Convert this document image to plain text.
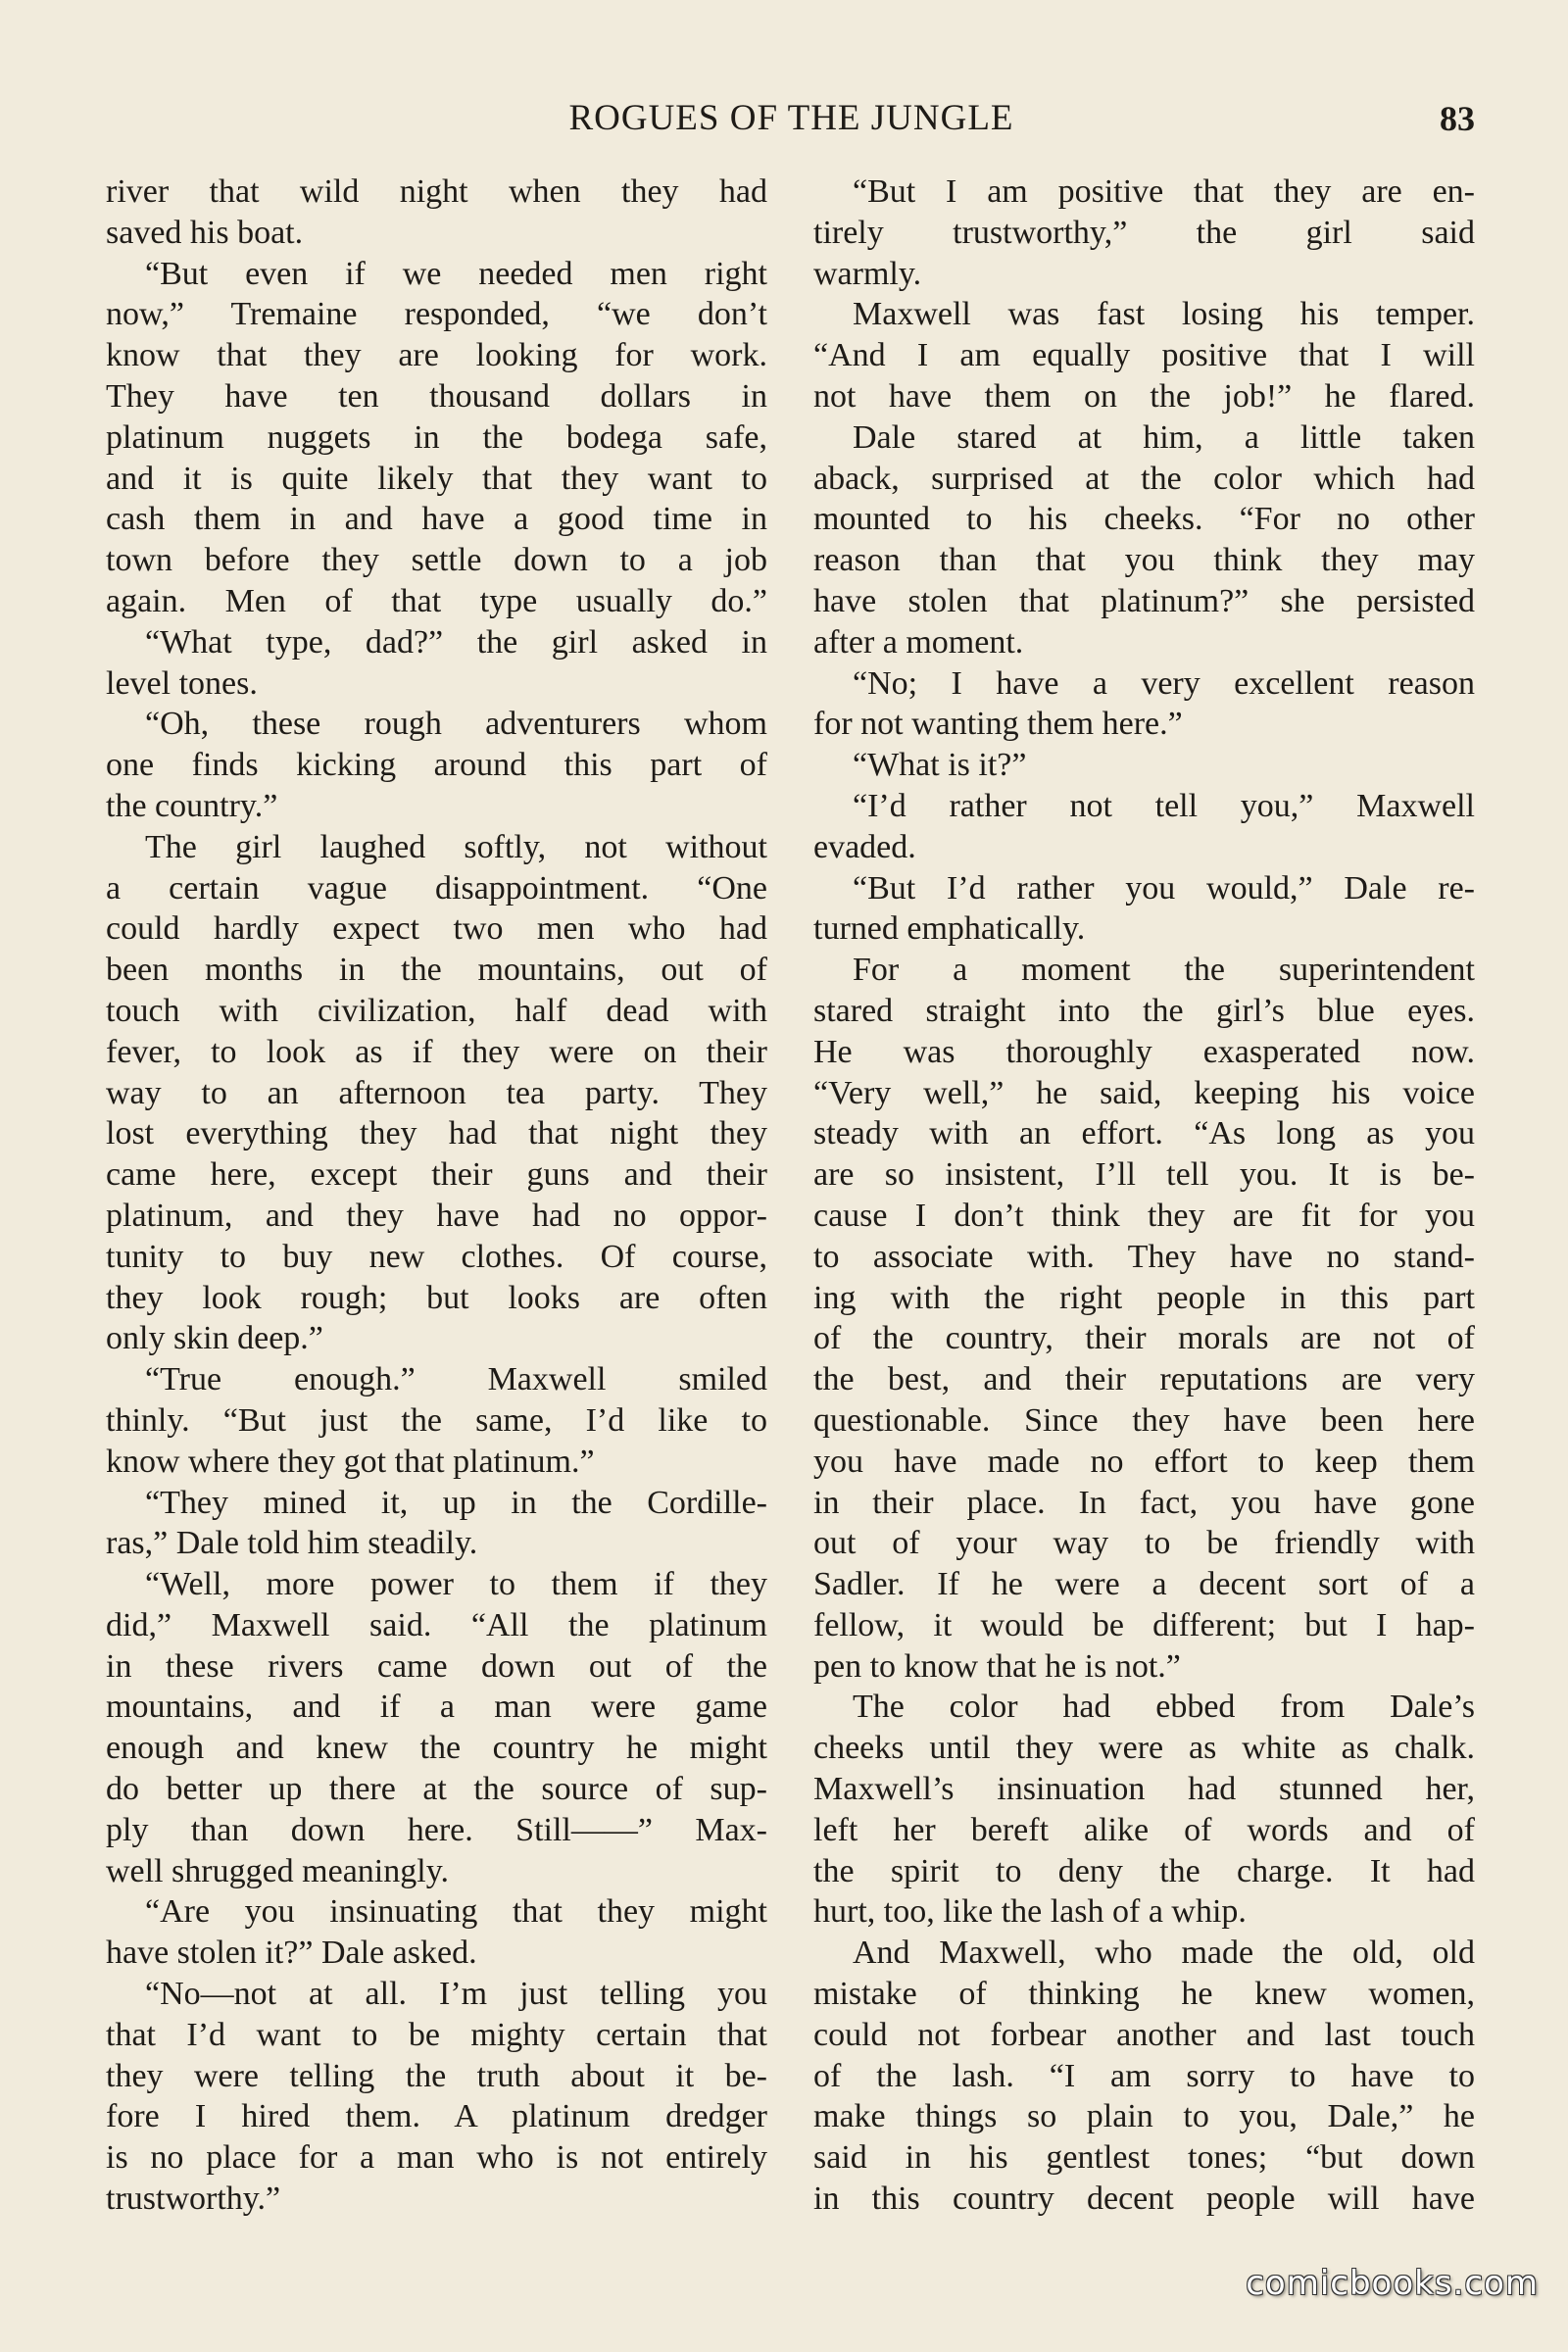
ROGUES OF THE JUNGLE	83
river that wild night when they had
saved his boat.
“But even if we needed men right
now,” Tremaine responded, “we don’t
know that they are looking for work.
They have ten thousand dollars in
platinum nuggets in the bodega safe,
and it is quite likely that they want to
cash them in and have a good time in
town before they settle down to a job
again. Men of that type usually do.”
“What type, dad?” the girl asked in
level tones.
“Oh, these rough adventurers whom
one finds kicking around this part of
the country.”
The girl laughed softly, not without
a certain vague disappointment. “One
could hardly expect two men who had
been months in the mountains, out of
touch with civilization, half dead with
fever, to look as if they were on their
way to an afternoon tea party. They
lost everything they had that night they
came here, except their guns and their
platinum, and they have had no oppor-
tunity to buy new clothes. Of course,
they look rough; but looks are often
only skin deep.”
“True enough.” Maxwell smiled
thinly. “But just the same, I’d like to
know where they got that platinum.”
“They mined it, up in the Cordille-
ras,” Dale told him steadily.
“Well, more power to them if they
did,” Maxwell said. “All the platinum
in these rivers came down out of the
mountains, and if a man were game
enough and knew the country he might
do better up there at the source of sup-
ply than down here. Still——” Max-
well shrugged meaningly.
“Are you insinuating that they might
have stolen it?” Dale asked.
“No—not at all. I’m just telling you
that I’d want to be mighty certain that
they were telling the truth about it be-
fore I hired them. A platinum dredger
is no place for a man who is not entirely
trustworthy.”
“But I am positive that they are en-
tirely trustworthy,” the girl said
warmly.
Maxwell was fast losing his temper.
“And I am equally positive that I will
not have them on the job!” he flared.
Dale stared at him, a little taken
aback, surprised at the color which had
mounted to his cheeks. “For no other
reason than that you think they may
have stolen that platinum?” she persisted
after a moment.
“No; I have a very excellent reason
for not wanting them here.”
“What is it?”
“I’d rather not tell you,” Maxwell
evaded.
“But I’d rather you would,” Dale re-
turned emphatically.
For a moment the superintendent
stared straight into the girl’s blue eyes.
He was thoroughly exasperated now.
“Very well,” he said, keeping his voice
steady with an effort. “As long as you
are so insistent, I’ll tell you. It is be-
cause I don’t think they are fit for you
to associate with. They have no stand-
ing with the right people in this part
of the country, their morals are not of
the best, and their reputations are very
questionable. Since they have been here
you have made no effort to keep them
in their place. In fact, you have gone
out of your way to be friendly with
Sadler. If he were a decent sort of a
fellow, it would be different; but I hap-
pen to know that he is not.”
The color had ebbed from Dale’s
cheeks until they were as white as chalk.
Maxwell’s insinuation had stunned her,
left her bereft alike of words and of
the spirit to deny the charge. It had
hurt, too, like the lash of a whip.
And Maxwell, who made the old, old
mistake of thinking he knew women,
could not forbear another and last touch
of the lash. “I am sorry to have to
make things so plain to you, Dale,” he
said in his gentlest tones; “but down
in this country decent people will have
comicbooks.com
